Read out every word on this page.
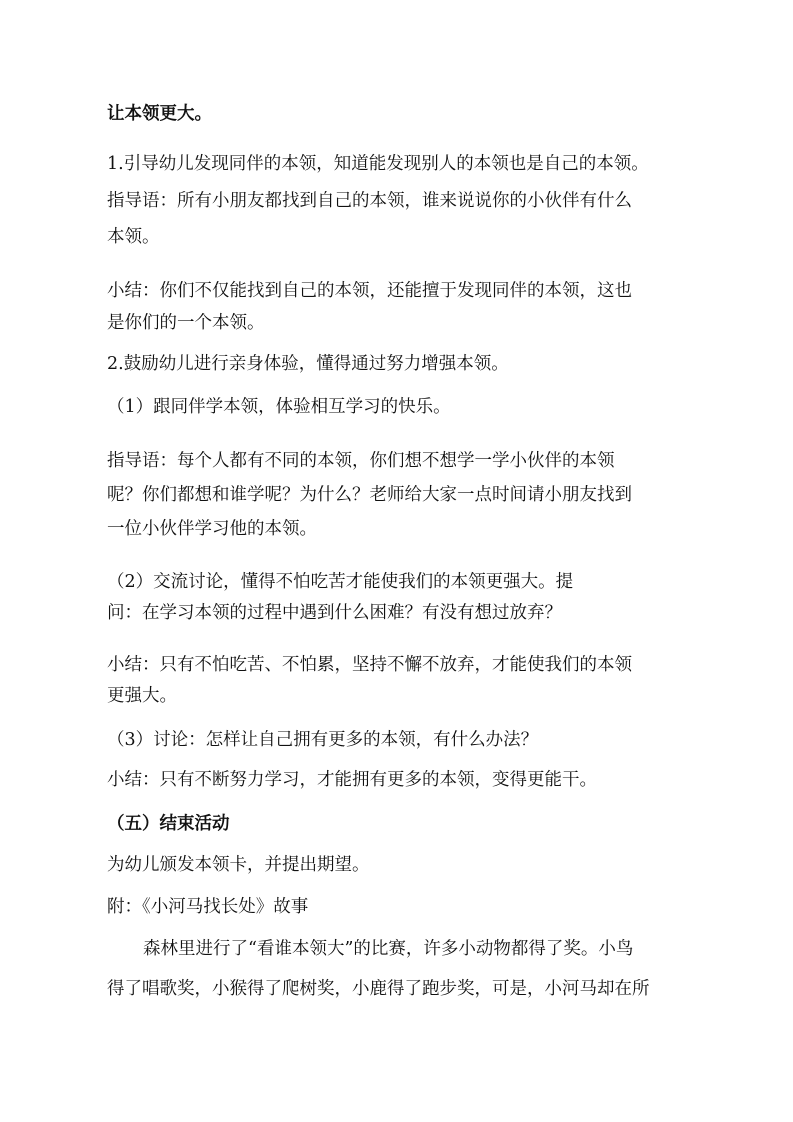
让本领更大。
1.引导幼儿发现同伴的本领，知道能发现别人的本领也是自己的本领。
指导语：所有小朋友都找到自己的本领，谁来说说你的小伙伴有什么
本领。
小结：你们不仅能找到自己的本领，还能擅于发现同伴的本领，这也
是你们的一个本领。
2.鼓励幼儿进行亲身体验，懂得通过努力增强本领。
（1）跟同伴学本领，体验相互学习的快乐。
指导语：每个人都有不同的本领，你们想不想学一学小伙伴的本领
呢？你们都想和谁学呢？为什么？老师给大家一点时间请小朋友找到
一位小伙伴学习他的本领。
（2）交流讨论，懂得不怕吃苦才能使我们的本领更强大。提
问：在学习本领的过程中遇到什么困难？有没有想过放弃？
小结：只有不怕吃苦、不怕累，坚持不懈不放弃，才能使我们的本领
更强大。
（3）讨论：怎样让自己拥有更多的本领，有什么办法？
小结：只有不断努力学习，才能拥有更多的本领，变得更能干。
（五）结束活动
为幼儿颁发本领卡，并提出期望。
附：《小河马找长处》故事
森林里进行了“看谁本领大”的比赛，许多小动物都得了奖。小鸟
得了唱歌奖，小猴得了爬树奖，小鹿得了跑步奖，可是，小河马却在所
